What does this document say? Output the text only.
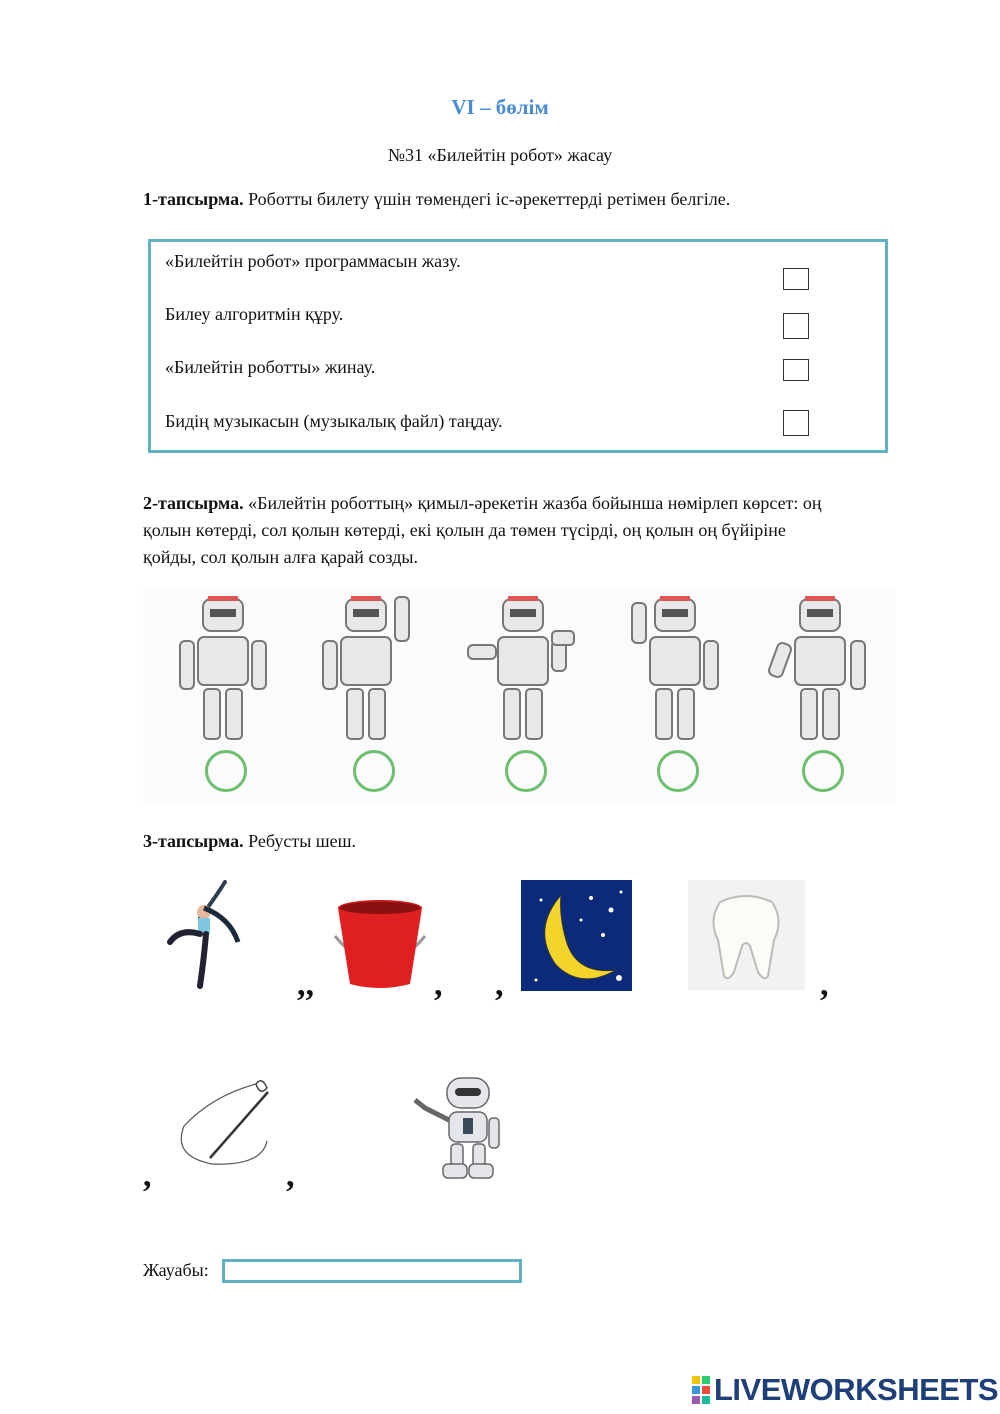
VI – бөлім
№31 «Билейтін робот» жасау
1-тапсырма. Роботты билету үшін төмендегі іс-әрекеттерді ретімен белгіле.
«Билейтін робот» программасын жазу.
Билеу алгоритмін құру.
«Билейтін роботты» жинау.
Бидің музыкасын (музыкалық файл) таңдау.
2-тапсырма. «Билейтін роботтың» қимыл-әрекетін жазба бойынша нөмірлеп көрсет: оң
қолын көтерді, сол қолын көтерді, екі қолын да төмен түсірді, оң қолын оң бүйіріне
қойды, сол қолын алға қарай созды.
3-тапсырма. Ребусты шеш.
,,	, ,	,
,	,
Жауабы:
LIVEWORKSHEETS
